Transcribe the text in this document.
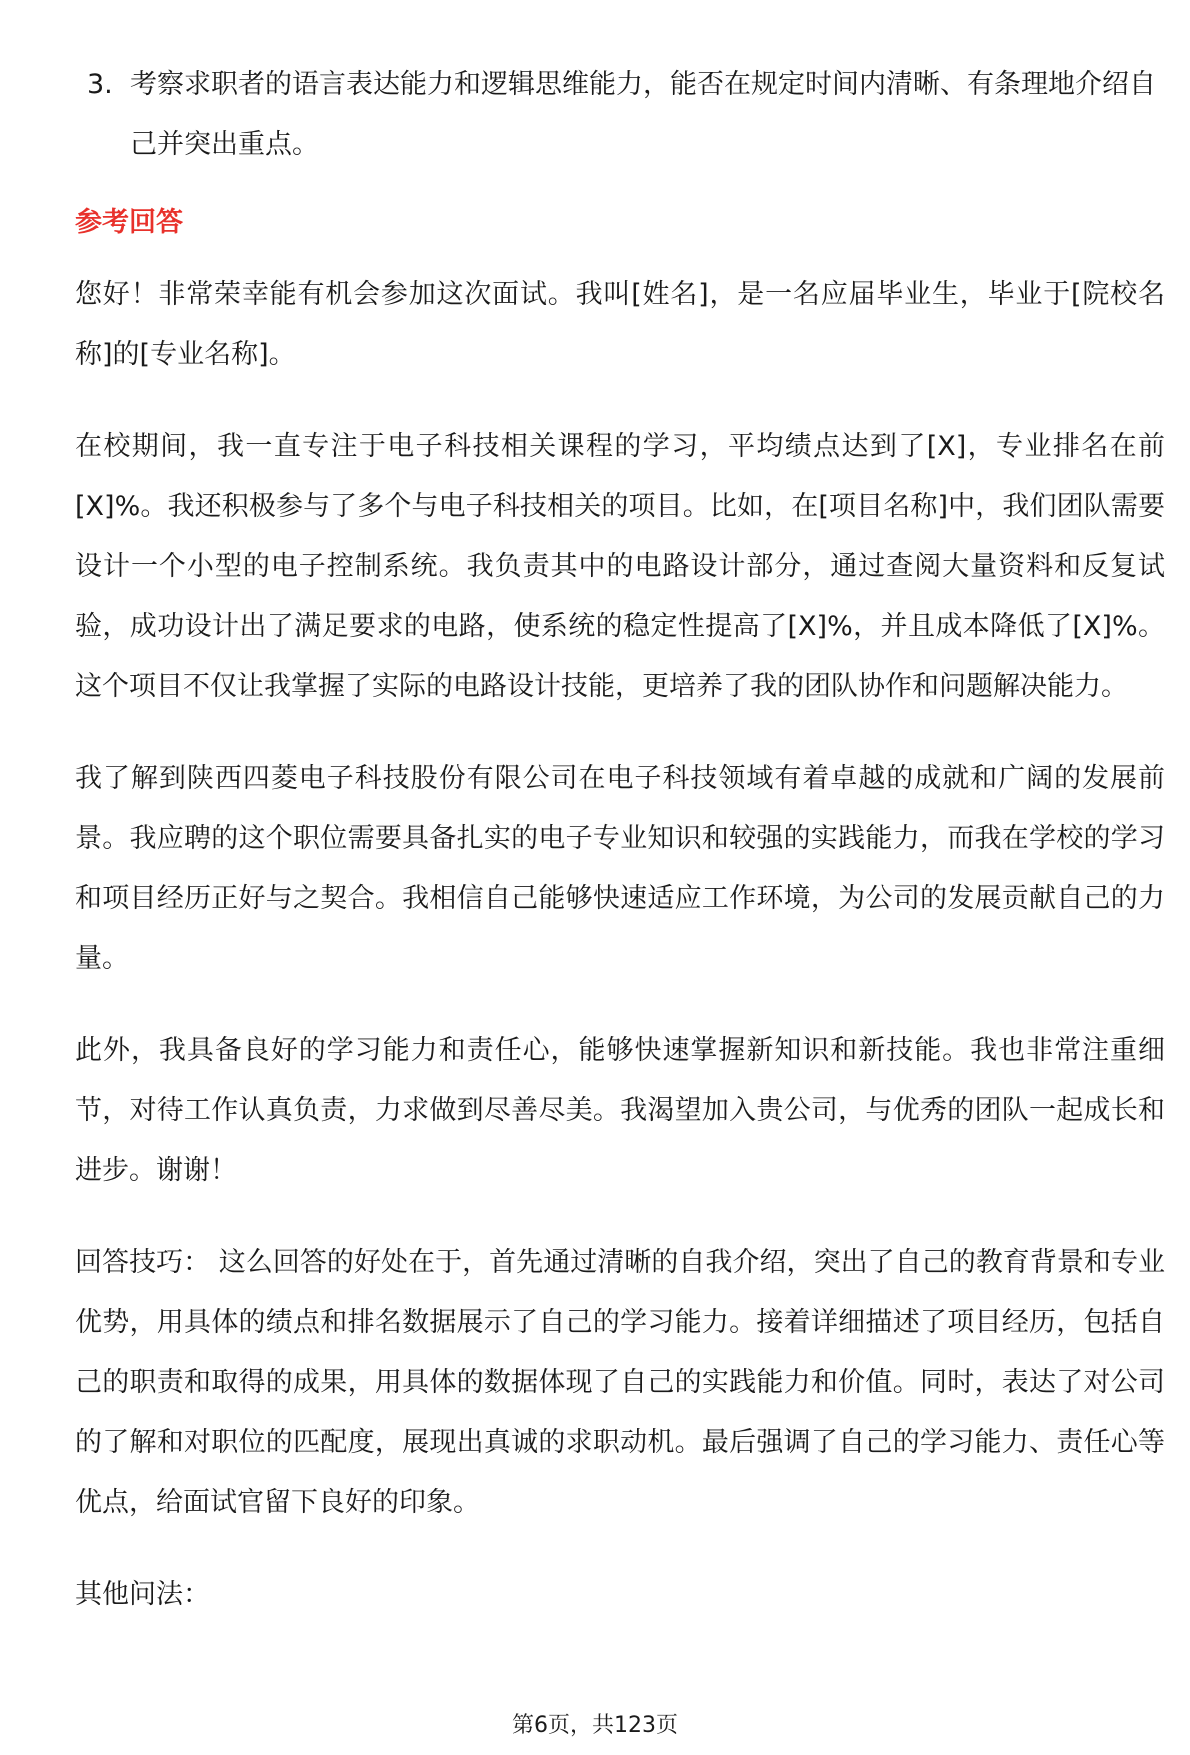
3. 考察求职者的语言表达能力和逻辑思维能力，能否在规定时间内清晰、有条理地介绍自己并突出重点。
参考回答

您好！非常荣幸能有机会参加这次面试。我叫[姓名]，是一名应届毕业生，毕业于[院校名称]的[专业名称]。

在校期间，我一直专注于电子科技相关课程的学习，平均绩点达到了[X]，专业排名在前[X]%。我还积极参与了多个与电子科技相关的项目。比如，在[项目名称]中，我们团队需要设计一个小型的电子控制系统。我负责其中的电路设计部分，通过查阅大量资料和反复试验，成功设计出了满足要求的电路，使系统的稳定性提高了[X]%，并且成本降低了[X]%。这个项目不仅让我掌握了实际的电路设计技能，更培养了我的团队协作和问题解决能力。

我了解到陕西四菱电子科技股份有限公司在电子科技领域有着卓越的成就和广阔的发展前景。我应聘的这个职位需要具备扎实的电子专业知识和较强的实践能力，而我在学校的学习和项目经历正好与之契合。我相信自己能够快速适应工作环境，为公司的发展贡献自己的力量。

此外，我具备良好的学习能力和责任心，能够快速掌握新知识和新技能。我也非常注重细节，对待工作认真负责，力求做到尽善尽美。我渴望加入贵公司，与优秀的团队一起成长和进步。谢谢！

回答技巧： 这么回答的好处在于，首先通过清晰的自我介绍，突出了自己的教育背景和专业优势，用具体的绩点和排名数据展示了自己的学习能力。接着详细描述了项目经历，包括自己的职责和取得的成果，用具体的数据体现了自己的实践能力和价值。同时，表达了对公司的了解和对职位的匹配度，展现出真诚的求职动机。最后强调了自己的学习能力、责任心等优点，给面试官留下良好的印象。

其他问法：

第6页，共123页
